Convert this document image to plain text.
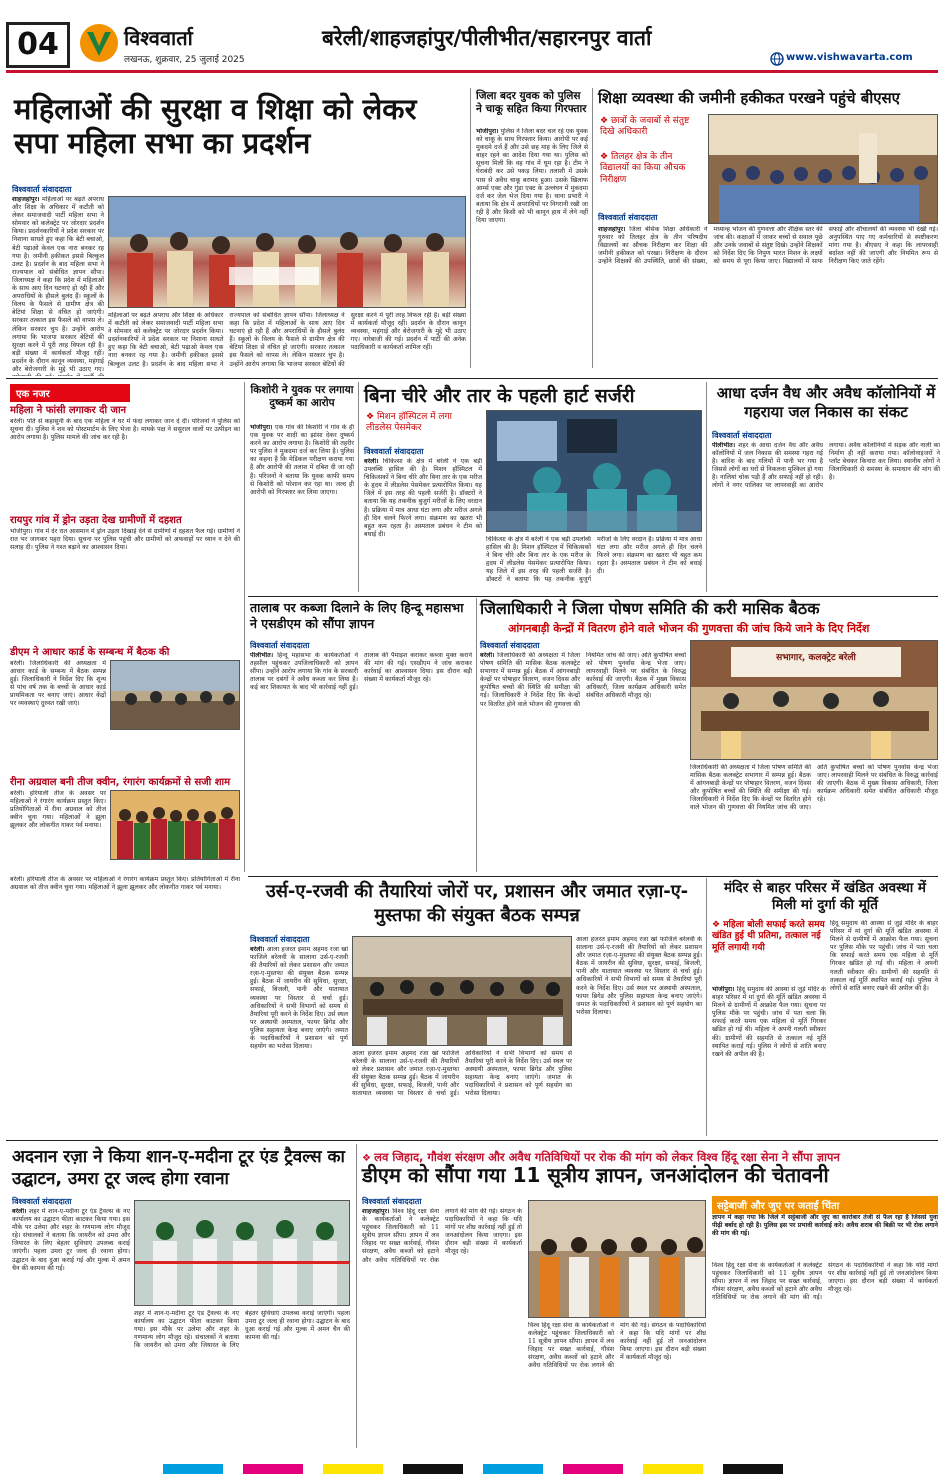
04	विश्ववार्ता
लखनऊ, शुक्रवार, 25 जुलाई 2025
बरेली/शाहजहांपुर/पीलीभीत/सहारनपुर वार्ता
www.vishwavarta.com
महिलाओं की सुरक्षा व शिक्षा को लेकर सपा महिला सभा का प्रदर्शन
विश्ववार्ता संवाददाता
शाहजहांपुर। महिलाओं पर बढ़ते अपराध और शिक्षा के अधिकार में कटौती को लेकर समाजवादी पार्टी महिला सभा ने सोमवार को कलेक्ट्रेट पर जोरदार प्रदर्शन किया। प्रदर्शनकारियों ने प्रदेश सरकार पर निशाना साधते हुए कहा कि बेटी बचाओ, बेटी पढ़ाओ केवल एक नारा बनकर रह गया है। जमीनी हकीकत इससे बिल्कुल उलट है। प्रदर्शन के बाद महिला सभा ने राज्यपाल को संबोधित ज्ञापन सौंपा। जिलाध्यक्ष ने कहा कि प्रदेश में महिलाओं के साथ आए दिन घटनाएं हो रही हैं और अपराधियों के हौसले बुलंद हैं। स्कूलों के विलय के फैसले से ग्रामीण क्षेत्र की बेटियां शिक्षा से वंचित हो जाएंगी। सरकार तत्काल इस फैसले को वापस ले। लेकिन सरकार चुप है। उन्होंने आरोप लगाया कि भाजपा सरकार बेटियों की सुरक्षा करने में पूरी तरह विफल रही है। बड़ी संख्या में कार्यकर्ता मौजूद रहीं। प्रदर्शन के दौरान कानून व्यवस्था, महंगाई और बेरोजगारी के मुद्दे भी उठाए गए।
महिलाओं पर बढ़ते अपराध और शिक्षा के अधिकार में कटौती को लेकर समाजवादी पार्टी महिला सभा ने सोमवार को कलेक्ट्रेट पर जोरदार प्रदर्शन किया। प्रदर्शनकारियों ने प्रदेश सरकार पर निशाना साधते हुए कहा कि बेटी बचाओ, बेटी पढ़ाओ केवल एक नारा बनकर रह गया है। जमीनी हकीकत इससे बिल्कुल उलट है। प्रदर्शन के बाद महिला सभा ने राज्यपाल को संबोधित ज्ञापन सौंपा। जिलाध्यक्ष ने कहा कि प्रदेश में महिलाओं के साथ आए दिन घटनाएं हो रही हैं और अपराधियों के हौसले बुलंद हैं। स्कूलों के विलय के फैसले से ग्रामीण क्षेत्र की बेटियां शिक्षा से वंचित हो जाएंगी। सरकार तत्काल इस फैसले को वापस ले। लेकिन सरकार चुप है। उन्होंने आरोप लगाया कि भाजपा सरकार बेटियों की सुरक्षा करने में पूरी तरह विफल रही है। बड़ी संख्या में कार्यकर्ता मौजूद रहीं। प्रदर्शन के दौरान कानून व्यवस्था, महंगाई और बेरोजगारी के मुद्दे भी उठाए गए। नारेबाजी की गई। प्रदर्शन में पार्टी की अनेक पदाधिकारी व कार्यकर्ता शामिल रहीं।
जिला बदर युवक को पुलिस ने चाकू सहित किया गिरफ्तार
भोजीपुरा। पुलिस ने जिला बदर चल रहे एक युवक को चाकू के साथ गिरफ्तार किया। आरोपी पर कई मुकदमे दर्ज हैं और उसे छह माह के लिए जिले से बाहर रहने का आदेश दिया गया था। पुलिस को सूचना मिली कि वह गांव में घूम रहा है। टीम ने घेराबंदी कर उसे पकड़ लिया। तलाशी में उसके पास से अवैध चाकू बरामद हुआ। उसके खिलाफ आर्म्स एक्ट और गुंडा एक्ट के उल्लंघन में मुकदमा दर्ज कर जेल भेज दिया गया है। थाना प्रभारी ने बताया कि क्षेत्र में अपराधियों पर निगरानी रखी जा रही है और किसी को भी कानून हाथ में लेने नहीं दिया जाएगा।
शिक्षा व्यवस्था की जमीनी हकीकत परखने पहुंचे बीएसए
❖ छात्रों के जवाबों से संतुष्ट दिखे अधिकारी
❖ तिलहर क्षेत्र के तीन विद्यालयों का किया औचक निरीक्षण
विश्ववार्ता संवाददाता
शाहजहांपुर। जिला बेसिक शिक्षा अधिकारी ने गुरुवार को तिलहर क्षेत्र के तीन परिषदीय विद्यालयों का औचक निरीक्षण कर शिक्षा की जमीनी हकीकत को परखा। निरीक्षण के दौरान उन्होंने शिक्षकों की उपस्थिति, छात्रों की संख्या, मध्यान्ह भोजन की गुणवत्ता और शैक्षिक स्तर की जांच की। कक्षाओं में जाकर बच्चों से सवाल पूछे और उनके जवाबों से संतुष्ट दिखे। उन्होंने शिक्षकों को निर्देश दिए कि निपुण भारत मिशन के लक्ष्यों को समय से पूरा किया जाए। विद्यालयों में साफ सफाई और शौचालयों की व्यवस्था भी देखी गई। अनुपस्थित पाए गए कर्मचारियों से स्पष्टीकरण मांगा गया है। बीएसए ने कहा कि लापरवाही बर्दाश्त नहीं की जाएगी और नियमित रूप से निरीक्षण किए जाते रहेंगे।
एक नजर
महिला ने फांसी लगाकर दी जान
बरेली। पति से कहासुनी के बाद एक महिला ने घर में फंदा लगाकर जान दे दी। परिजनों ने पुलिस को सूचना दी। पुलिस ने शव को पोस्टमार्टम के लिए भेजा है। मायके पक्ष ने ससुराल वालों पर उत्पीड़न का आरोप लगाया है। पुलिस मामले की जांच कर रही है।
रायपुर गांव में ड्रोन उड़ता देख ग्रामीणों में दहशत
भोजीपुरा। गांव में देर रात आसमान में ड्रोन उड़ता दिखाई देने से ग्रामीणों में दहशत फैल गई। ग्रामीणों ने रात भर जागकर पहरा दिया। सूचना पर पुलिस पहुंची और ग्रामीणों को अफवाहों पर ध्यान न देने की सलाह दी। पुलिस ने गश्त बढ़ाने का आश्वासन दिया।
डीएम ने आधार कार्ड के सम्बन्ध में बैठक की
बरेली। जिलाधिकारी की अध्यक्षता में आधार कार्ड के सम्बन्ध में बैठक सम्पन्न हुई। जिलाधिकारी ने निर्देश दिए कि शून्य से पांच वर्ष तक के बच्चों के आधार कार्ड प्राथमिकता पर बनाए जाएं। आधार केंद्रों पर व्यवस्थाएं दुरुस्त रखी जाएं।
रीना अग्रवाल बनी तीज क्वीन, रंगारंग कार्यक्रमों से सजी शाम
बरेली। हरियाली तीज के अवसर पर महिलाओं ने रंगारंग कार्यक्रम प्रस्तुत किए। प्रतियोगिताओं में रीना अग्रवाल को तीज क्वीन चुना गया। महिलाओं ने झूला झूलकर और लोकगीत गाकर पर्व मनाया।
किशोरी ने युवक पर लगाया दुष्कर्म का आरोप
भोजीपुरा। एक गांव की किशोरी ने गांव के ही एक युवक पर शादी का झांसा देकर दुष्कर्म करने का आरोप लगाया है। किशोरी की तहरीर पर पुलिस ने मुकदमा दर्ज कर लिया है। पुलिस का कहना है कि मेडिकल परीक्षण कराया गया है और आरोपी की तलाश में दबिश दी जा रही है। परिजनों ने बताया कि युवक काफी समय से किशोरी को परेशान कर रहा था। जल्द ही आरोपी को गिरफ्तार कर लिया जाएगा।
बिना चीरे और तार के पहली हार्ट सर्जरी
❖ मिशन हॉस्पिटल में लगा लीडलेस पेसमेकर
विश्ववार्ता संवाददाता
बरेली। चिकित्सा के क्षेत्र में बरेली ने एक बड़ी उपलब्धि हासिल की है। मिशन हॉस्पिटल में चिकित्सकों ने बिना चीरे और बिना तार के एक मरीज के हृदय में लीडलेस पेसमेकर प्रत्यारोपित किया। यह जिले में इस तरह की पहली सर्जरी है। डॉक्टरों ने बताया कि यह तकनीक बुजुर्ग मरीजों के लिए वरदान है। प्रक्रिया में मात्र आधा घंटा लगा और मरीज अगले ही दिन चलने फिरने लगा। संक्रमण का खतरा भी बहुत कम रहता है। अस्पताल प्रबंधन ने टीम को बधाई दी।
चिकित्सा के क्षेत्र में बरेली ने एक बड़ी उपलब्धि हासिल की है। मिशन हॉस्पिटल में चिकित्सकों ने बिना चीरे और बिना तार के एक मरीज के हृदय में लीडलेस पेसमेकर प्रत्यारोपित किया। यह जिले में इस तरह की पहली सर्जरी है। डॉक्टरों ने बताया कि यह तकनीक बुजुर्ग मरीजों के लिए वरदान है। प्रक्रिया में मात्र आधा घंटा लगा और मरीज अगले ही दिन चलने फिरने लगा। संक्रमण का खतरा भी बहुत कम रहता है। अस्पताल प्रबंधन ने टीम को बधाई दी।
आधा दर्जन वैध और अवैध कॉलोनियों में गहराया जल निकास का संकट
विश्ववार्ता संवाददाता
पीलीभीत। शहर के आधा दर्जन वैध और अवैध कॉलोनियों में जल निकास की समस्या गहरा गई है। बारिश के बाद गलियों में पानी भर गया है जिससे लोगों का घरों से निकलना मुश्किल हो गया है। नालियां चोक पड़ी हैं और सफाई नहीं हो रही। लोगों ने नगर पालिका पर लापरवाही का आरोप लगाया। अवैध कॉलोनियों में सड़क और नाली का निर्माण ही नहीं कराया गया। कॉलोनाइजरों ने प्लॉट बेचकर किनारा कर लिया। स्थानीय लोगों ने जिलाधिकारी से समस्या के समाधान की मांग की है।
तालाब पर कब्जा दिलाने के लिए हिन्दू महासभा ने एसडीएम को सौंपा ज्ञापन
विश्ववार्ता संवाददाता
पीलीभीत। हिन्दू महासभा के कार्यकर्ताओं ने तहसील पहुंचकर उपजिलाधिकारी को ज्ञापन सौंपा। उन्होंने आरोप लगाया कि गांव के सरकारी तालाब पर दबंगों ने अवैध कब्जा कर लिया है। कई बार शिकायत के बाद भी कार्रवाई नहीं हुई। तालाब की पैमाइश कराकर कब्जा मुक्त कराने की मांग की गई। एसडीएम ने जांच कराकर कार्रवाई का आश्वासन दिया। इस दौरान बड़ी संख्या में कार्यकर्ता मौजूद रहे।
जिलाधिकारी ने जिला पोषण समिति की करी मासिक बैठक
आंगनबाड़ी केन्द्रों में वितरण होने वाले भोजन की गुणवत्ता की जांच किये जाने के दिए निर्देश
सभागार, कलक्ट्रेट बरेली
विश्ववार्ता संवाददाता
बरेली। जिलाधिकारी की अध्यक्षता में जिला पोषण समिति की मासिक बैठक कलक्ट्रेट सभागार में सम्पन्न हुई। बैठक में आंगनबाड़ी केन्द्रों पर पोषाहार वितरण, वजन दिवस और कुपोषित बच्चों की स्थिति की समीक्षा की गई। जिलाधिकारी ने निर्देश दिए कि केन्द्रों पर वितरित होने वाले भोजन की गुणवत्ता की नियमित जांच की जाए। अति कुपोषित बच्चों को पोषण पुनर्वास केन्द्र भेजा जाए। लापरवाही मिलने पर संबंधित के विरुद्ध कार्रवाई की जाएगी। बैठक में मुख्य विकास अधिकारी, जिला कार्यक्रम अधिकारी समेत संबंधित अधिकारी मौजूद रहे।
जिलाधिकारी की अध्यक्षता में जिला पोषण समिति की मासिक बैठक कलक्ट्रेट सभागार में सम्पन्न हुई। बैठक में आंगनबाड़ी केन्द्रों पर पोषाहार वितरण, वजन दिवस और कुपोषित बच्चों की स्थिति की समीक्षा की गई। जिलाधिकारी ने निर्देश दिए कि केन्द्रों पर वितरित होने वाले भोजन की गुणवत्ता की नियमित जांच की जाए। अति कुपोषित बच्चों को पोषण पुनर्वास केन्द्र भेजा जाए। लापरवाही मिलने पर संबंधित के विरुद्ध कार्रवाई की जाएगी। बैठक में मुख्य विकास अधिकारी, जिला कार्यक्रम अधिकारी समेत संबंधित अधिकारी मौजूद रहे।
बरेली। हरियाली तीज के अवसर पर महिलाओं ने रंगारंग कार्यक्रम प्रस्तुत किए। प्रतियोगिताओं में रीना अग्रवाल को तीज क्वीन चुना गया। महिलाओं ने झूला झूलकर और लोकगीत गाकर पर्व मनाया।	उर्स-ए-रजवी की तैयारियां जोरों पर, प्रशासन और जमात रज़ा-ए-मुस्तफा की संयुक्त बैठक सम्पन्न
विश्ववार्ता संवाददाता
बरेली। आला हजरत इमाम अहमद रजा खां फाजिले बरेलवी के सालाना उर्स-ए-रजवी की तैयारियों को लेकर प्रशासन और जमात रज़ा-ए-मुस्तफा की संयुक्त बैठक सम्पन्न हुई। बैठक में जायरीन की सुविधा, सुरक्षा, सफाई, बिजली, पानी और यातायात व्यवस्था पर विस्तार से चर्चा हुई। अधिकारियों ने सभी विभागों को समय से तैयारियां पूरी करने के निर्देश दिए। उर्स स्थल पर अस्थायी अस्पताल, फायर ब्रिगेड और पुलिस सहायता केन्द्र बनाए जाएंगे। जमात के पदाधिकारियों ने प्रशासन को पूर्ण सहयोग का भरोसा दिलाया।
आला हजरत इमाम अहमद रजा खां फाजिले बरेलवी के सालाना उर्स-ए-रजवी की तैयारियों को लेकर प्रशासन और जमात रज़ा-ए-मुस्तफा की संयुक्त बैठक सम्पन्न हुई। बैठक में जायरीन की सुविधा, सुरक्षा, सफाई, बिजली, पानी और यातायात व्यवस्था पर विस्तार से चर्चा हुई। अधिकारियों ने सभी विभागों को समय से तैयारियां पूरी करने के निर्देश दिए। उर्स स्थल पर अस्थायी अस्पताल, फायर ब्रिगेड और पुलिस सहायता केन्द्र बनाए जाएंगे। जमात के पदाधिकारियों ने प्रशासन को पूर्ण सहयोग का भरोसा दिलाया।
आला हजरत इमाम अहमद रजा खां फाजिले बरेलवी के सालाना उर्स-ए-रजवी की तैयारियों को लेकर प्रशासन और जमात रज़ा-ए-मुस्तफा की संयुक्त बैठक सम्पन्न हुई। बैठक में जायरीन की सुविधा, सुरक्षा, सफाई, बिजली, पानी और यातायात व्यवस्था पर विस्तार से चर्चा हुई। अधिकारियों ने सभी विभागों को समय से तैयारियां पूरी करने के निर्देश दिए। उर्स स्थल पर अस्थायी अस्पताल, फायर ब्रिगेड और पुलिस सहायता केन्द्र बनाए जाएंगे। जमात के पदाधिकारियों ने प्रशासन को पूर्ण सहयोग का भरोसा दिलाया।
मंदिर से बाहर परिसर में खंडित अवस्था में मिली मां दुर्गा की मूर्ति
❖ महिला बोली सफाई करते समय खंडित हुई थी प्रतिमा, तत्काल नई मूर्ति लगायी गयी
भोजीपुरा। हिंदू समुदाय की आस्था से जुड़े मंदिर के बाहर परिसर में मां दुर्गा की मूर्ति खंडित अवस्था में मिलने से ग्रामीणों में आक्रोश फैल गया। सूचना पर पुलिस मौके पर पहुंची। जांच में पता चला कि सफाई करते समय एक महिला से मूर्ति गिरकर खंडित हो गई थी। महिला ने अपनी गलती स्वीकार की। ग्रामीणों की सहमति से तत्काल नई मूर्ति स्थापित कराई गई। पुलिस ने लोगों से शांति बनाए रखने की अपील की है।
हिंदू समुदाय की आस्था से जुड़े मंदिर के बाहर परिसर में मां दुर्गा की मूर्ति खंडित अवस्था में मिलने से ग्रामीणों में आक्रोश फैल गया। सूचना पर पुलिस मौके पर पहुंची। जांच में पता चला कि सफाई करते समय एक महिला से मूर्ति गिरकर खंडित हो गई थी। महिला ने अपनी गलती स्वीकार की। ग्रामीणों की सहमति से तत्काल नई मूर्ति स्थापित कराई गई। पुलिस ने लोगों से शांति बनाए रखने की अपील की है।
अदनान रज़ा ने किया शान-ए-मदीना टूर एंड ट्रैवल्स का उद्घाटन, उमरा टूर जल्द होगा रवाना
विश्ववार्ता संवाददाता
बरेली। शहर में शान-ए-मदीना टूर एंड ट्रैवल्स के नए कार्यालय का उद्घाटन फीता काटकर किया गया। इस मौके पर उलेमा और शहर के गणमान्य लोग मौजूद रहे। संचालकों ने बताया कि जायरीन को उमरा और जियारत के लिए बेहतर सुविधाएं उपलब्ध कराई जाएंगी। पहला उमरा टूर जल्द ही रवाना होगा। उद्घाटन के बाद दुआ कराई गई और मुल्क में अमन चैन की कामना की गई।
शहर में शान-ए-मदीना टूर एंड ट्रैवल्स के नए कार्यालय का उद्घाटन फीता काटकर किया गया। इस मौके पर उलेमा और शहर के गणमान्य लोग मौजूद रहे। संचालकों ने बताया कि जायरीन को उमरा और जियारत के लिए बेहतर सुविधाएं उपलब्ध कराई जाएंगी। पहला उमरा टूर जल्द ही रवाना होगा। उद्घाटन के बाद दुआ कराई गई और मुल्क में अमन चैन की कामना की गई।
❖ लव जिहाद, गौवंश संरक्षण और अवैध गतिविधियों पर रोक की मांग को लेकर विश्व हिंदू रक्षा सेना ने सौंपा ज्ञापन
डीएम को सौंपा गया 11 सूत्रीय ज्ञापन, जनआंदोलन की चेतावनी
विश्ववार्ता संवाददाता
शाहजहांपुर। विश्व हिंदू रक्षा सेना के कार्यकर्ताओं ने कलेक्ट्रेट पहुंचकर जिलाधिकारी को 11 सूत्रीय ज्ञापन सौंपा। ज्ञापन में लव जिहाद पर सख्त कार्रवाई, गौवंश संरक्षण, अवैध कब्जों को हटाने और अवैध गतिविधियों पर रोक लगाने की मांग की गई। संगठन के पदाधिकारियों ने कहा कि यदि मांगों पर शीघ्र कार्रवाई नहीं हुई तो जनआंदोलन किया जाएगा। इस दौरान बड़ी संख्या में कार्यकर्ता मौजूद रहे।
विश्व हिंदू रक्षा सेना के कार्यकर्ताओं ने कलेक्ट्रेट पहुंचकर जिलाधिकारी को 11 सूत्रीय ज्ञापन सौंपा। ज्ञापन में लव जिहाद पर सख्त कार्रवाई, गौवंश संरक्षण, अवैध कब्जों को हटाने और अवैध गतिविधियों पर रोक लगाने की मांग की गई। संगठन के पदाधिकारियों ने कहा कि यदि मांगों पर शीघ्र कार्रवाई नहीं हुई तो जनआंदोलन किया जाएगा। इस दौरान बड़ी संख्या में कार्यकर्ता मौजूद रहे।
सट्टेबाजी और जुए पर जताई चिंता
ज्ञापन में कहा गया कि जिले में सट्टेबाजी और जुए का कारोबार तेजी से फैल रहा है जिससे युवा पीढ़ी बर्बाद हो रही है। पुलिस इस पर प्रभावी कार्रवाई करे। अवैध शराब की बिक्री पर भी रोक लगाने की मांग की गई।
विश्व हिंदू रक्षा सेना के कार्यकर्ताओं ने कलेक्ट्रेट पहुंचकर जिलाधिकारी को 11 सूत्रीय ज्ञापन सौंपा। ज्ञापन में लव जिहाद पर सख्त कार्रवाई, गौवंश संरक्षण, अवैध कब्जों को हटाने और अवैध गतिविधियों पर रोक लगाने की मांग की गई। संगठन के पदाधिकारियों ने कहा कि यदि मांगों पर शीघ्र कार्रवाई नहीं हुई तो जनआंदोलन किया जाएगा। इस दौरान बड़ी संख्या में कार्यकर्ता मौजूद रहे।
